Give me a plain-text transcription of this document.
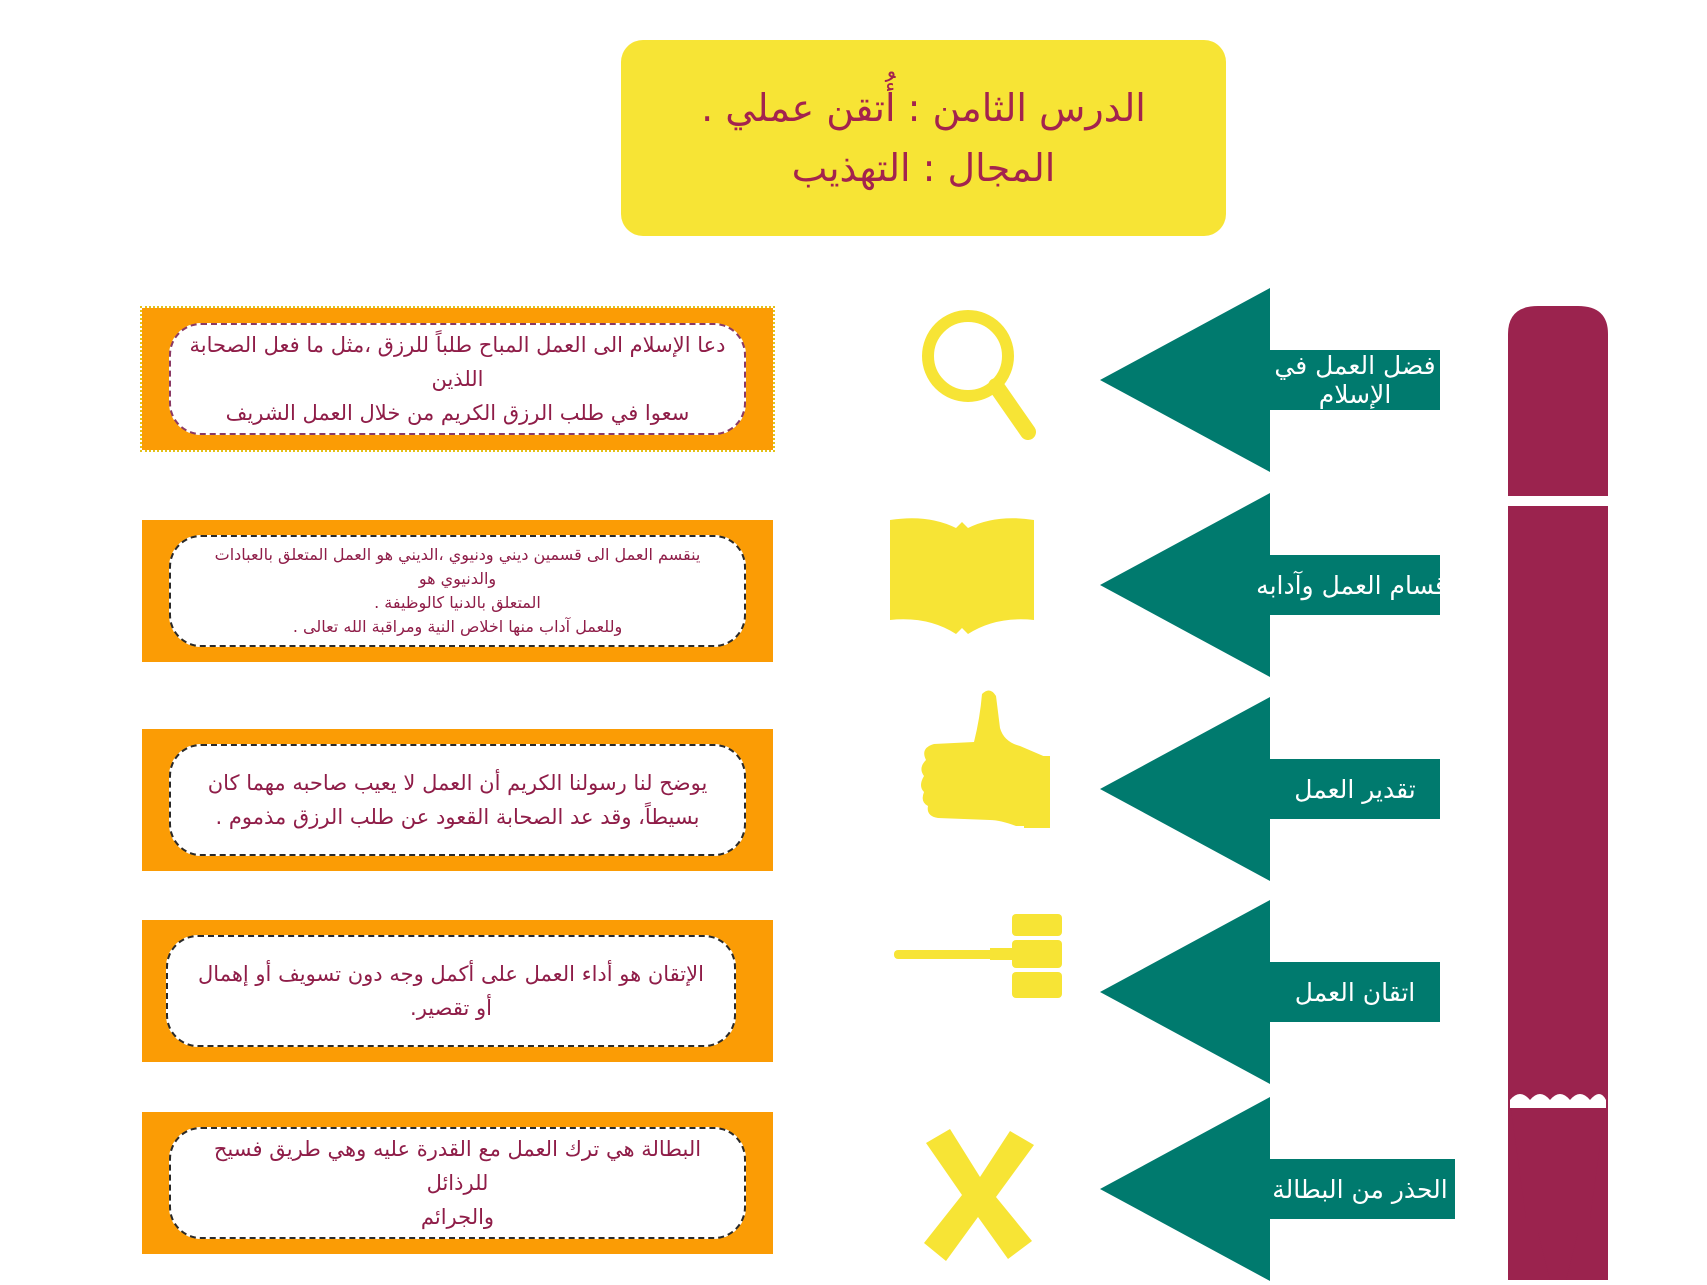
الدرس الثامن : أُتقن عملي .
المجال : التهذيب
دعا الإسلام الى العمل المباح طلباً للرزق ،مثل ما فعل الصحابة اللذين
سعوا في طلب الرزق الكريم من خلال العمل الشريف
فضل العمل في الإسلام
ينقسم العمل الى قسمين ديني ودنيوي ،الديني هو العمل المتعلق بالعبادات والدنيوي هو
المتعلق بالدنيا كالوظيفة .
وللعمل آداب منها اخلاص النية ومراقبة الله تعالى .
أقسام العمل وآدابه
يوضح لنا رسولنا الكريم أن العمل لا يعيب صاحبه مهما كان
بسيطاً، وقد عد الصحابة القعود عن طلب الرزق مذموم .
تقدير العمل
الإتقان هو أداء العمل على أكمل وجه دون تسويف أو إهمال
أو تقصير.
اتقان العمل
البطالة هي ترك العمل مع القدرة عليه وهي طريق فسيح للرذائل
والجرائم
الحذر من البطالة
